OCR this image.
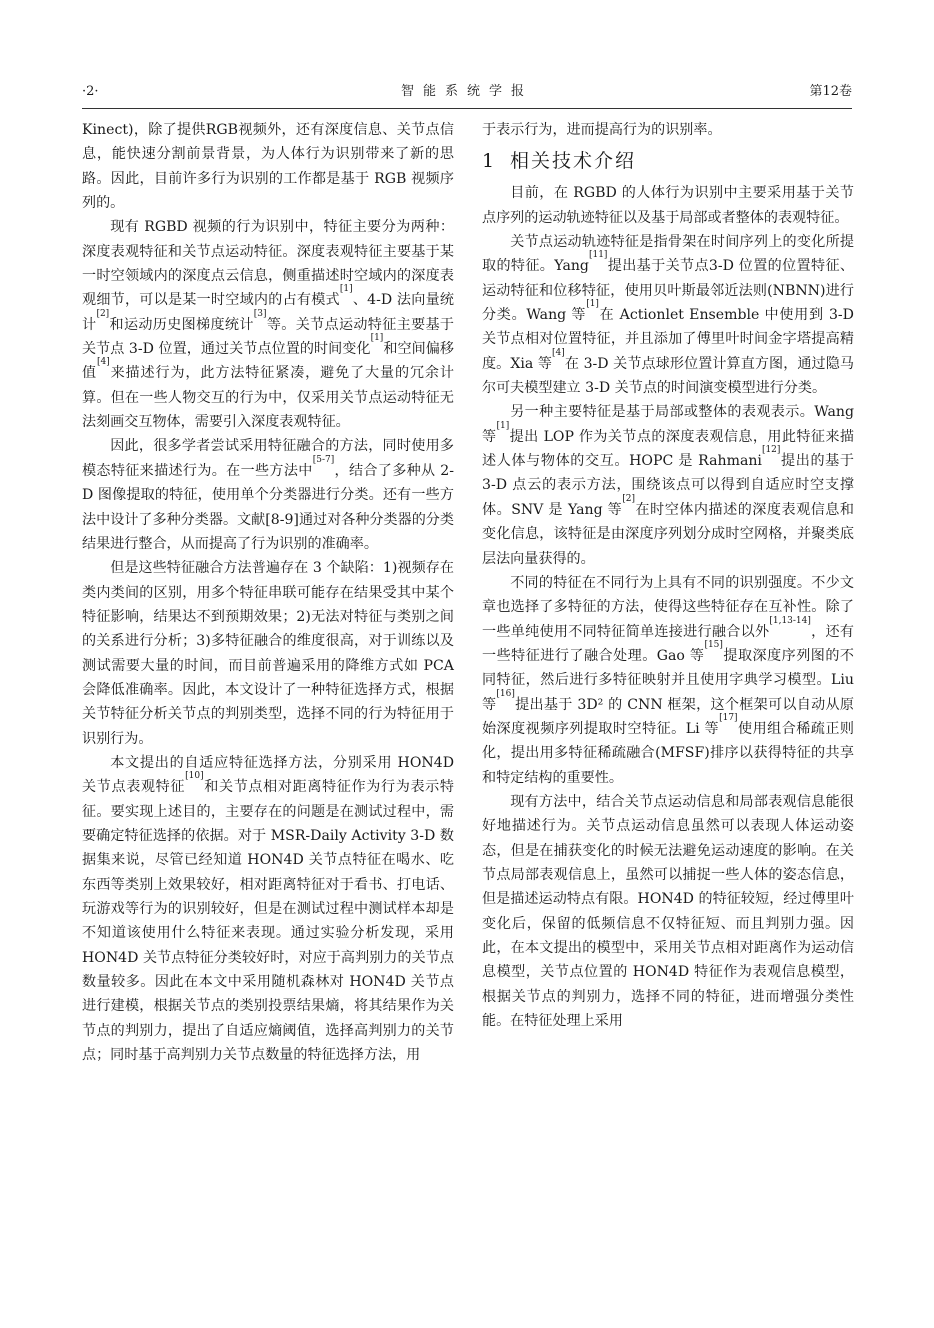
·2·	智能系统学报	第12卷

Kinect)，除了提供RGB视频外，还有深度信息、关节点信息，能快速分割前景背景，为人体行为识别带来了新的思路。因此，目前许多行为识别的工作都是基于 RGB 视频序列的。

现有 RGBD 视频的行为识别中，特征主要分为两种：深度表观特征和关节点运动特征。深度表观特征主要基于某一时空领域内的深度点云信息，侧重描述时空域内的深度表观细节，可以是某一时空域内的占有模式[1]、4-D 法向量统计[2]和运动历史图梯度统计[3]等。关节点运动特征主要基于关节点 3-D 位置，通过关节点位置的时间变化[1]和空间偏移值[4]来描述行为，此方法特征紧凑，避免了大量的冗余计算。但在一些人物交互的行为中，仅采用关节点运动特征无法刻画交互物体，需要引入深度表观特征。

因此，很多学者尝试采用特征融合的方法，同时使用多模态特征来描述行为。在一些方法中[5-7]，结合了多种从 2-D 图像提取的特征，使用单个分类器进行分类。还有一些方法中设计了多种分类器。文献[8-9]通过对各种分类器的分类结果进行整合，从而提高了行为识别的准确率。

但是这些特征融合方法普遍存在 3 个缺陷：1)视频存在类内类间的区别，用多个特征串联可能存在结果受其中某个特征影响，结果达不到预期效果；2)无法对特征与类别之间的关系进行分析；3)多特征融合的维度很高，对于训练以及测试需要大量的时间，而目前普遍采用的降维方式如 PCA 会降低准确率。因此，本文设计了一种特征选择方式，根据关节特征分析关节点的判别类型，选择不同的行为特征用于识别行为。

本文提出的自适应特征选择方法，分别采用 HON4D 关节点表观特征[10]和关节点相对距离特征作为行为表示特征。要实现上述目的，主要存在的问题是在测试过程中，需要确定特征选择的依据。对于 MSR-Daily Activity 3-D 数据集来说，尽管已经知道 HON4D 关节点特征在喝水、吃东西等类别上效果较好，相对距离特征对于看书、打电话、玩游戏等行为的识别较好，但是在测试过程中测试样本却是不知道该使用什么特征来表现。通过实验分析发现，采用 HON4D 关节点特征分类较好时，对应于高判别力的关节点数量较多。因此在本文中采用随机森林对 HON4D 关节点进行建模，根据关节点的类别投票结果熵，将其结果作为关节点的判别力，提出了自适应熵阈值，选择高判别力的关节点；同时基于高判别力关节点数量的特征选择方法，用

于表示行为，进而提高行为的识别率。

1 相关技术介绍

目前，在 RGBD 的人体行为识别中主要采用基于关节点序列的运动轨迹特征以及基于局部或者整体的表观特征。

关节点运动轨迹特征是指骨架在时间序列上的变化所提取的特征。Yang[11]提出基于关节点3-D 位置的位置特征、运动特征和位移特征，使用贝叶斯最邻近法则(NBNN)进行分类。Wang 等[1]在 Actionlet Ensemble 中使用到 3-D 关节点相对位置特征，并且添加了傅里叶时间金字塔提高精度。Xia 等[4]在 3-D 关节点球形位置计算直方图，通过隐马尔可夫模型建立 3-D 关节点的时间演变模型进行分类。

另一种主要特征是基于局部或整体的表观表示。Wang 等[1]提出 LOP 作为关节点的深度表观信息，用此特征来描述人体与物体的交互。HOPC 是 Rahmani[12]提出的基于 3-D 点云的表示方法，围绕该点可以得到自适应时空支撑体。SNV 是 Yang 等[2]在时空体内描述的深度表观信息和变化信息，该特征是由深度序列划分成时空网格，并聚类底层法向量获得的。

不同的特征在不同行为上具有不同的识别强度。不少文章也选择了多特征的方法，使得这些特征存在互补性。除了一些单纯使用不同特征简单连接进行融合以外[1,13-14]，还有一些特征进行了融合处理。Gao 等[15]提取深度序列图的不同特征，然后进行多特征映射并且使用字典学习模型。Liu 等[16]提出基于 3D² 的 CNN 框架，这个框架可以自动从原始深度视频序列提取时空特征。Li 等[17]使用组合稀疏正则化，提出用多特征稀疏融合(MFSF)排序以获得特征的共享和特定结构的重要性。

现有方法中，结合关节点运动信息和局部表观信息能很好地描述行为。关节点运动信息虽然可以表现人体运动姿态，但是在捕获变化的时候无法避免运动速度的影响。在关节点局部表观信息上，虽然可以捕捉一些人体的姿态信息，但是描述运动特点有限。HON4D 的特征较短，经过傅里叶变化后，保留的低频信息不仅特征短、而且判别力强。因此，在本文提出的模型中，采用关节点相对距离作为运动信息模型，关节点位置的 HON4D 特征作为表观信息模型，根据关节点的判别力，选择不同的特征，进而增强分类性能。在特征处理上采用
